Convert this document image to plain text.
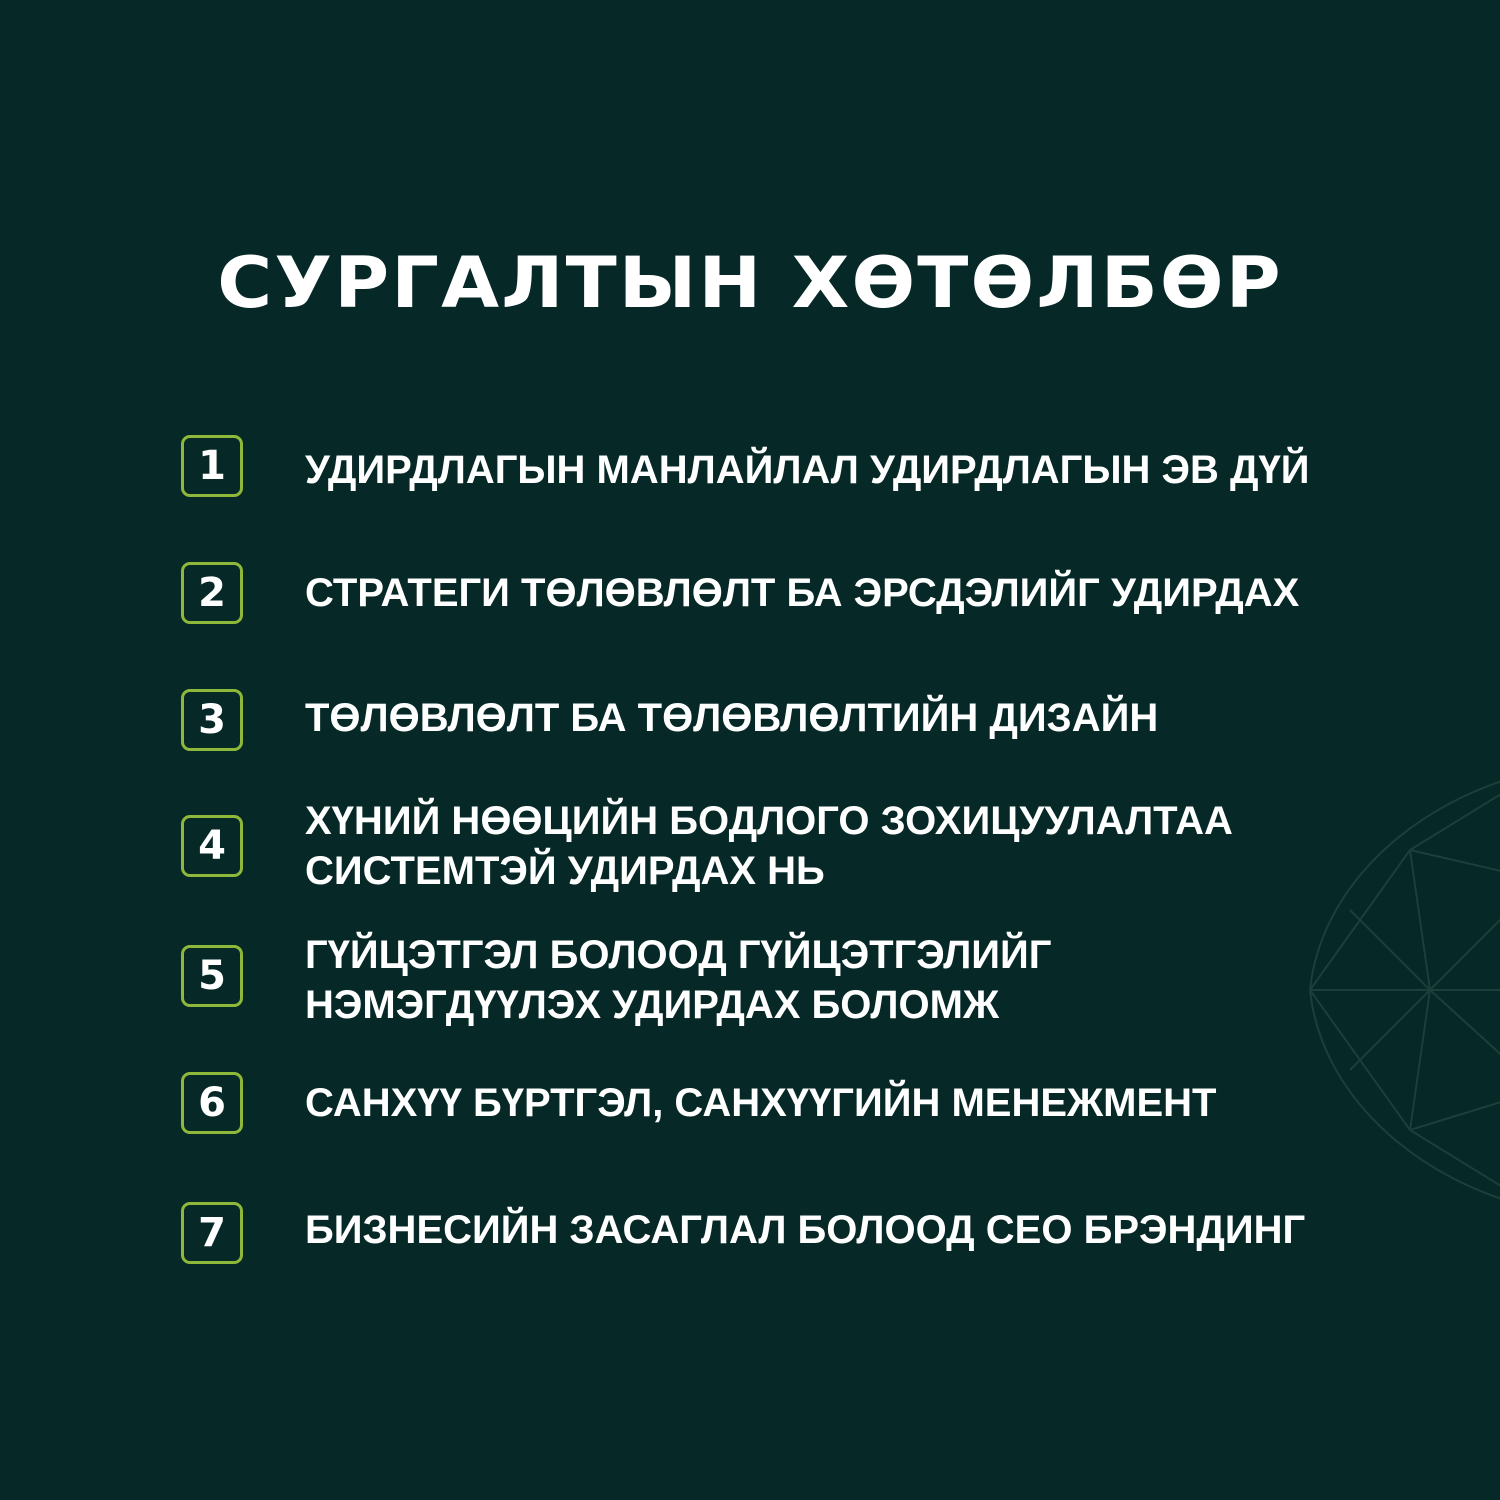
СУРГАЛТЫН ХӨТӨЛБӨР
1 УДИРДЛАГЫН МАНЛАЙЛАЛ УДИРДЛАГЫН ЭВ ДҮЙ
2 СТРАТЕГИ ТӨЛӨВЛӨЛТ БА ЭРСДЭЛИЙГ УДИРДАХ
3 ТӨЛӨВЛӨЛТ БА ТӨЛӨВЛӨЛТИЙН ДИЗАЙН
4
ХҮНИЙ НӨӨЦИЙН БОДЛОГО ЗОХИЦУУЛАЛТАА
СИСТЕМТЭЙ УДИРДАХ НЬ
5 ГҮЙЦЭТГЭЛ БОЛООД ГҮЙЦЭТГЭЛИЙГ
НЭМЭГДҮҮЛЭХ УДИРДАХ БОЛОМЖ
6 САНХҮҮ БҮРТГЭЛ, САНХҮҮГИЙН МЕНЕЖМЕНТ
7 БИЗНЕСИЙН ЗАСАГЛАЛ БОЛООД CEO БРЭНДИНГ
